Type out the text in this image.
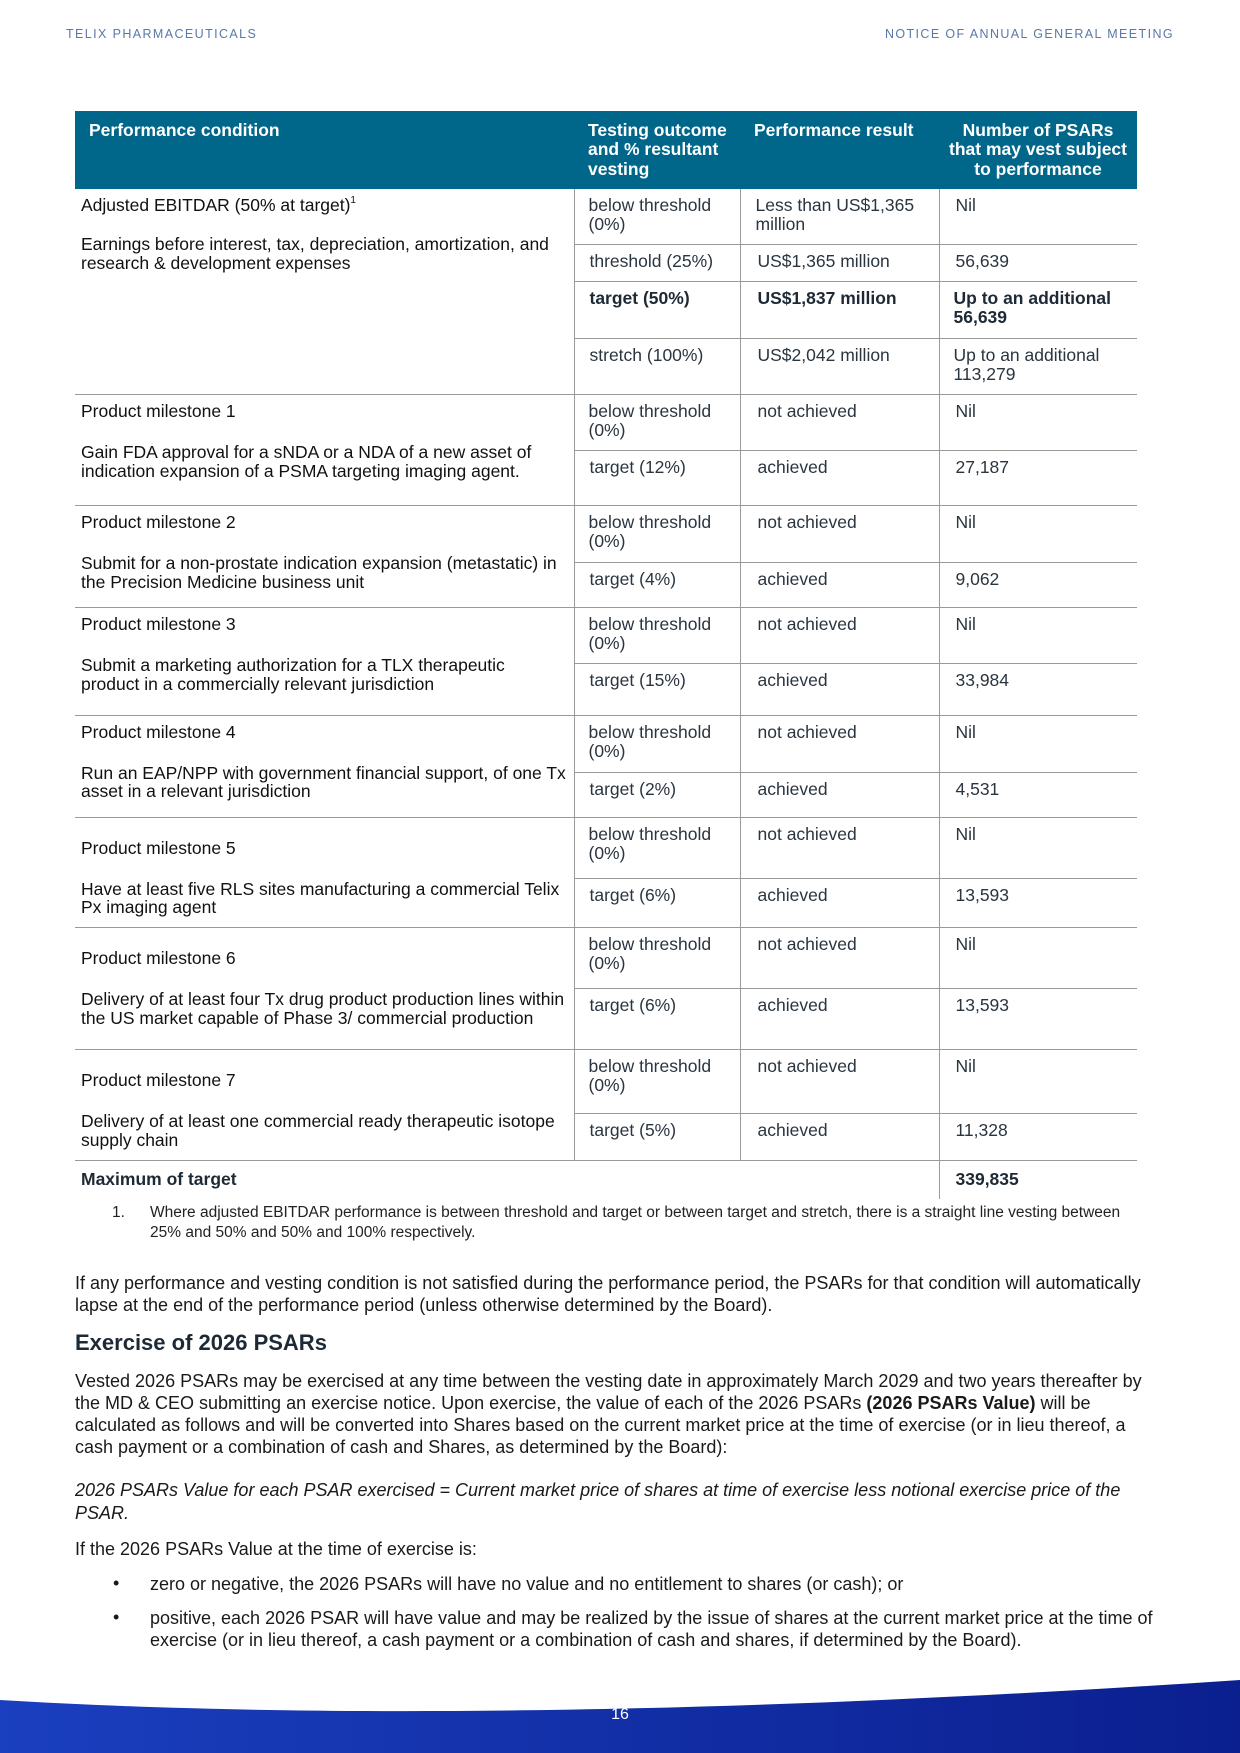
TELIX PHARMACEUTICALS	NOTICE OF ANNUAL GENERAL MEETING
Performance condition	Testing outcome and % resultant vesting	Performance result	Number of PSARs that may vest subject to performance

Adjusted EBITDAR (50% at target)$^1$
Earnings before interest, tax, depreciation, amortization, and research & development expenses	below threshold (0%)	Less than US$1,365 million	Nil
	threshold (25%)	US$1,365 million	56,639
	target (50%)	US$1,837 million	Up to an additional 56,639
	stretch (100%)	US$2,042 million	Up to an additional 113,279

Product milestone 1
Gain FDA approval for a sNDA or a NDA of a new asset of indication expansion of a PSMA targeting imaging agent.	below threshold (0%)	not achieved	Nil
	target (12%)	achieved	27,187

Product milestone 2
Submit for a non-prostate indication expansion (metastatic) in the Precision Medicine business unit	below threshold (0%)	not achieved	Nil
	target (4%)	achieved	9,062

Product milestone 3
Submit a marketing authorization for a TLX therapeutic product in a commercially relevant jurisdiction	below threshold (0%)	not achieved	Nil
	target (15%)	achieved	33,984

Product milestone 4
Run an EAP/NPP with government financial support, of one Tx asset in a relevant jurisdiction	below threshold (0%)	not achieved	Nil
	target (2%)	achieved	4,531

Product milestone 5
Have at least five RLS sites manufacturing a commercial Telix Px imaging agent	below threshold (0%)	not achieved	Nil
	target (6%)	achieved	13,593

Product milestone 6
Delivery of at least four Tx drug product production lines within the US market capable of Phase 3/ commercial production	below threshold (0%)	not achieved	Nil
	target (6%)	achieved	13,593

Product milestone 7
Delivery of at least one commercial ready therapeutic isotope supply chain	below threshold (0%)	not achieved	Nil
	target (5%)	achieved	11,328
Maximum of target			339,835
1. Where adjusted EBITDAR performance is between threshold and target or between target and stretch, there is a straight line vesting between 25% and 50% and 50% and 100% respectively.

If any performance and vesting condition is not satisfied during the performance period, the PSARs for that condition will automatically lapse at the end of the performance period (unless otherwise determined by the Board).

Exercise of 2026 PSARs

Vested 2026 PSARs may be exercised at any time between the vesting date in approximately March 2029 and two years thereafter by the MD & CEO submitting an exercise notice. Upon exercise, the value of each of the 2026 PSARs (2026 PSARs Value) will be calculated as follows and will be converted into Shares based on the current market price at the time of exercise (or in lieu thereof, a cash payment or a combination of cash and Shares, as determined by the Board):

2026 PSARs Value for each PSAR exercised = Current market price of shares at time of exercise less notional exercise price of the PSAR.

If the 2026 PSARs Value at the time of exercise is:

• zero or negative, the 2026 PSARs will have no value and no entitlement to shares (or cash); or
• positive, each 2026 PSAR will have value and may be realized by the issue of shares at the current market price at the time of exercise (or in lieu thereof, a cash payment or a combination of cash and shares, if determined by the Board).
16
